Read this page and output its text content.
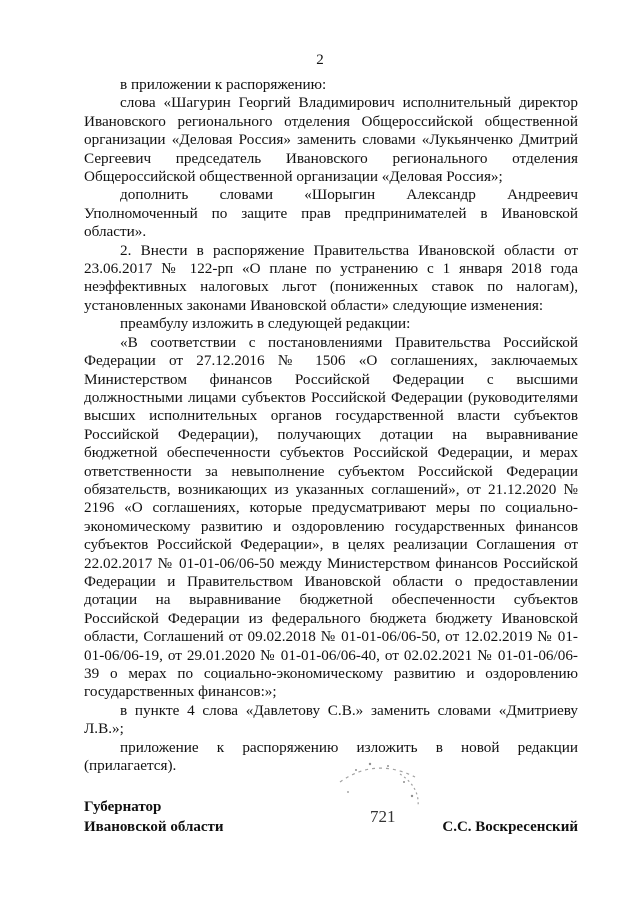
2

в приложении к распоряжению:

слова «Шагурин Георгий Владимирович исполнительный директор Ивановского регионального отделения Общероссийской общественной организации «Деловая Россия» заменить словами «Лукьянченко Дмитрий Сергеевич председатель Ивановского регионального отделения Общероссийской общественной организации «Деловая Россия»;

дополнить словами «Шорыгин Александр Андреевич Уполномоченный по защите прав предпринимателей в Ивановской области».

2. Внести в распоряжение Правительства Ивановской области от 23.06.2017 № 122-рп «О плане по устранению с 1 января 2018 года неэффективных налоговых льгот (пониженных ставок по налогам), установленных законами Ивановской области» следующие изменения:

преамбулу изложить в следующей редакции:

«В соответствии с постановлениями Правительства Российской Федерации от 27.12.2016 № 1506 «О соглашениях, заключаемых Министерством финансов Российской Федерации с высшими должностными лицами субъектов Российской Федерации (руководителями высших исполнительных органов государственной власти субъектов Российской Федерации), получающих дотации на выравнивание бюджетной обеспеченности субъектов Российской Федерации, и мерах ответственности за невыполнение субъектом Российской Федерации обязательств, возникающих из указанных соглашений», от 21.12.2020 № 2196 «О соглашениях, которые предусматривают меры по социально-экономическому развитию и оздоровлению государственных финансов субъектов Российской Федерации», в целях реализации Соглашения от 22.02.2017 № 01-01-06/06-50 между Министерством финансов Российской Федерации и Правительством Ивановской области о предоставлении дотации на выравнивание бюджетной обеспеченности субъектов Российской Федерации из федерального бюджета бюджету Ивановской области, Соглашений от 09.02.2018 № 01-01-06/06-50, от 12.02.2019 № 01-01-06/06-19, от 29.01.2020 № 01-01-06/06-40, от 02.02.2021 № 01-01-06/06-39 о мерах по социально-экономическому развитию и оздоровлению государственных финансов:»;

в пункте 4 слова «Давлетову С.В.» заменить словами «Дмитриеву Л.В.»;

приложение к распоряжению изложить в новой редакции (прилагается).

Губернатор
Ивановской области
721
С.С. Воскресенский
